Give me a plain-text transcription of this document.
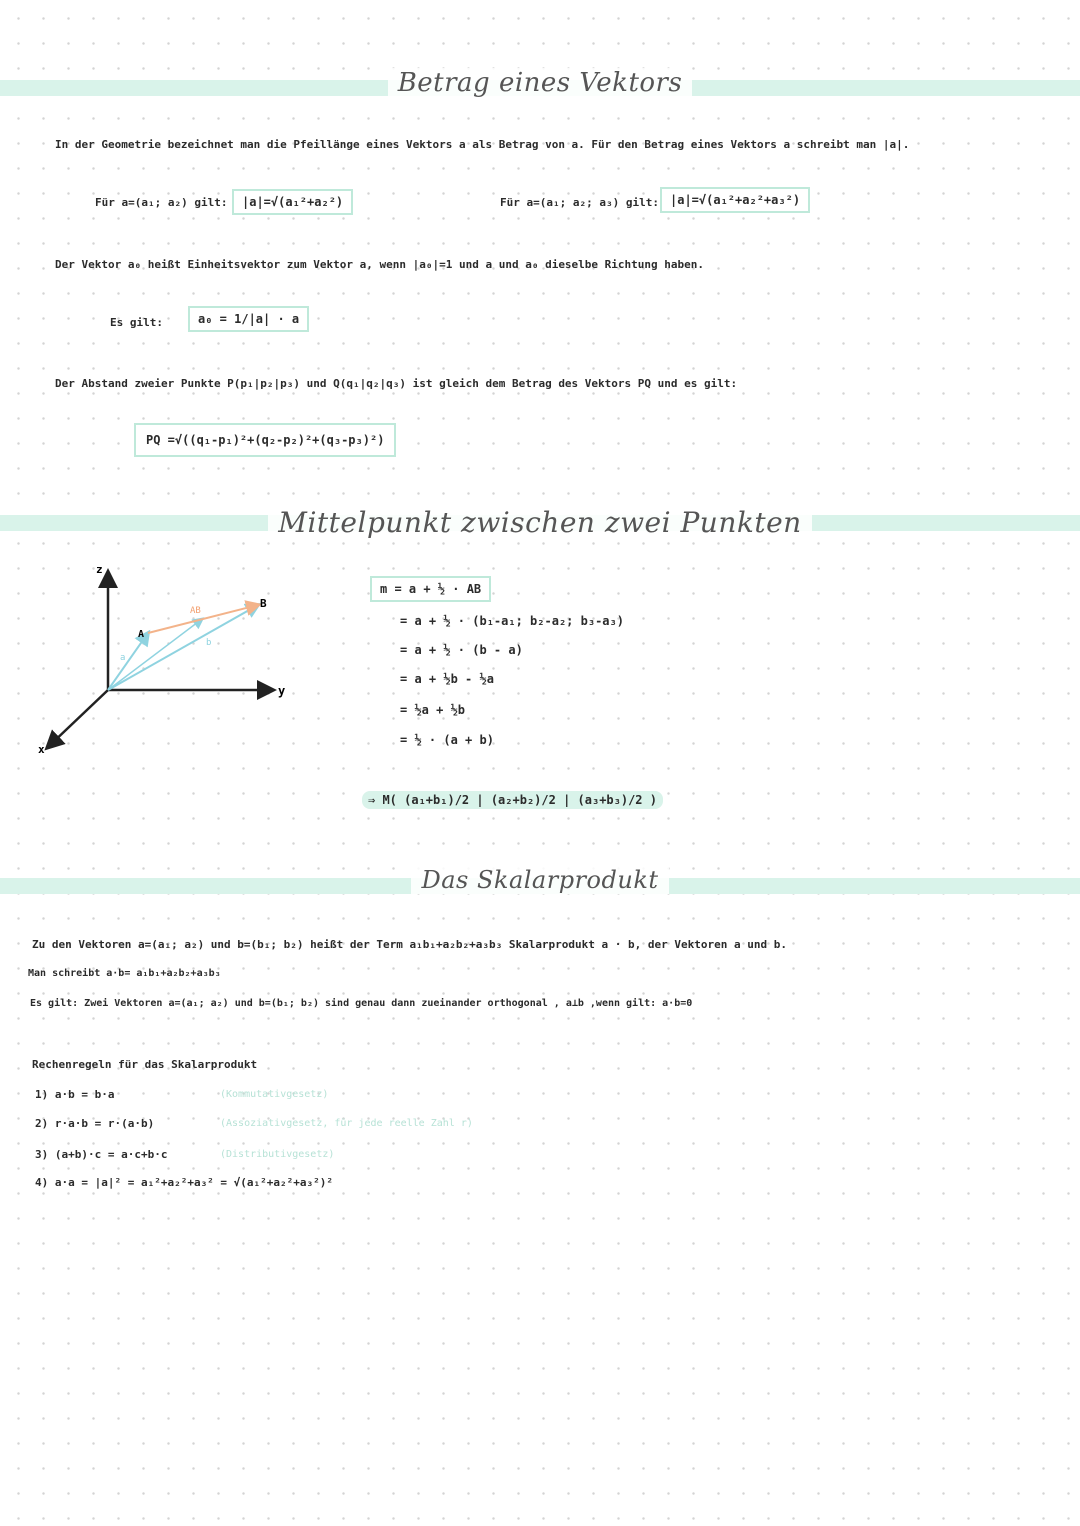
Betrag eines Vektors
In der Geometrie bezeichnet man die Pfeillänge eines Vektors a als Betrag von a. Für den Betrag eines Vektors a schreibt man |a|.
Für a=(a₁; a₂) gilt:	|a|=√(a₁²+a₂²)	Für a=(a₁; a₂; a₃) gilt: |a|=√(a₁²+a₂²+a₃²)
Der Vektor a₀ heißt Einheitsvektor zum Vektor a, wenn |a₀|=1 und a und a₀ dieselbe Richtung haben.
Es gilt:	a₀ = 1/|a| · a
Der Abstand zweier Punkte P(p₁|p₂|p₃) und Q(q₁|q₂|q₃) ist gleich dem Betrag des Vektors PQ und es gilt:
PQ =√((q₁-p₁)²+(q₂-p₂)²+(q₃-p₃)²)
Mittelpunkt zwischen zwei Punkten
z
y
x
A
B
AB
a
b
m = a + ½ · AB
= a + ½ · (b₁-a₁; b₂-a₂; b₃-a₃)
= a + ½ · (b - a)
= a + ½b - ½a
= ½a + ½b
= ½ · (a + b)
⇒ M( (a₁+b₁)/2 | (a₂+b₂)/2 | (a₃+b₃)/2 )
Das Skalarprodukt
Zu den Vektoren a=(a₁; a₂) und b=(b₁; b₂) heißt der Term a₁b₁+a₂b₂+a₃b₃ Skalarprodukt a · b, der Vektoren a und b.
Man schreibt a·b= a₁b₁+a₂b₂+a₃b₃
Es gilt: Zwei Vektoren a=(a₁; a₂) und b=(b₁; b₂) sind genau dann zueinander orthogonal , a⊥b ,wenn gilt: a·b=0
Rechenregeln für das Skalarprodukt
1) a·b = b·a	(Kommutativgesetz)
2) r·a·b = r·(a·b)	(Assoziativgesetz, für jede reelle Zahl r)
3) (a+b)·c = a·c+b·c	(Distributivgesetz)
4) a·a = |a|² = a₁²+a₂²+a₃² = √(a₁²+a₂²+a₃²)²
